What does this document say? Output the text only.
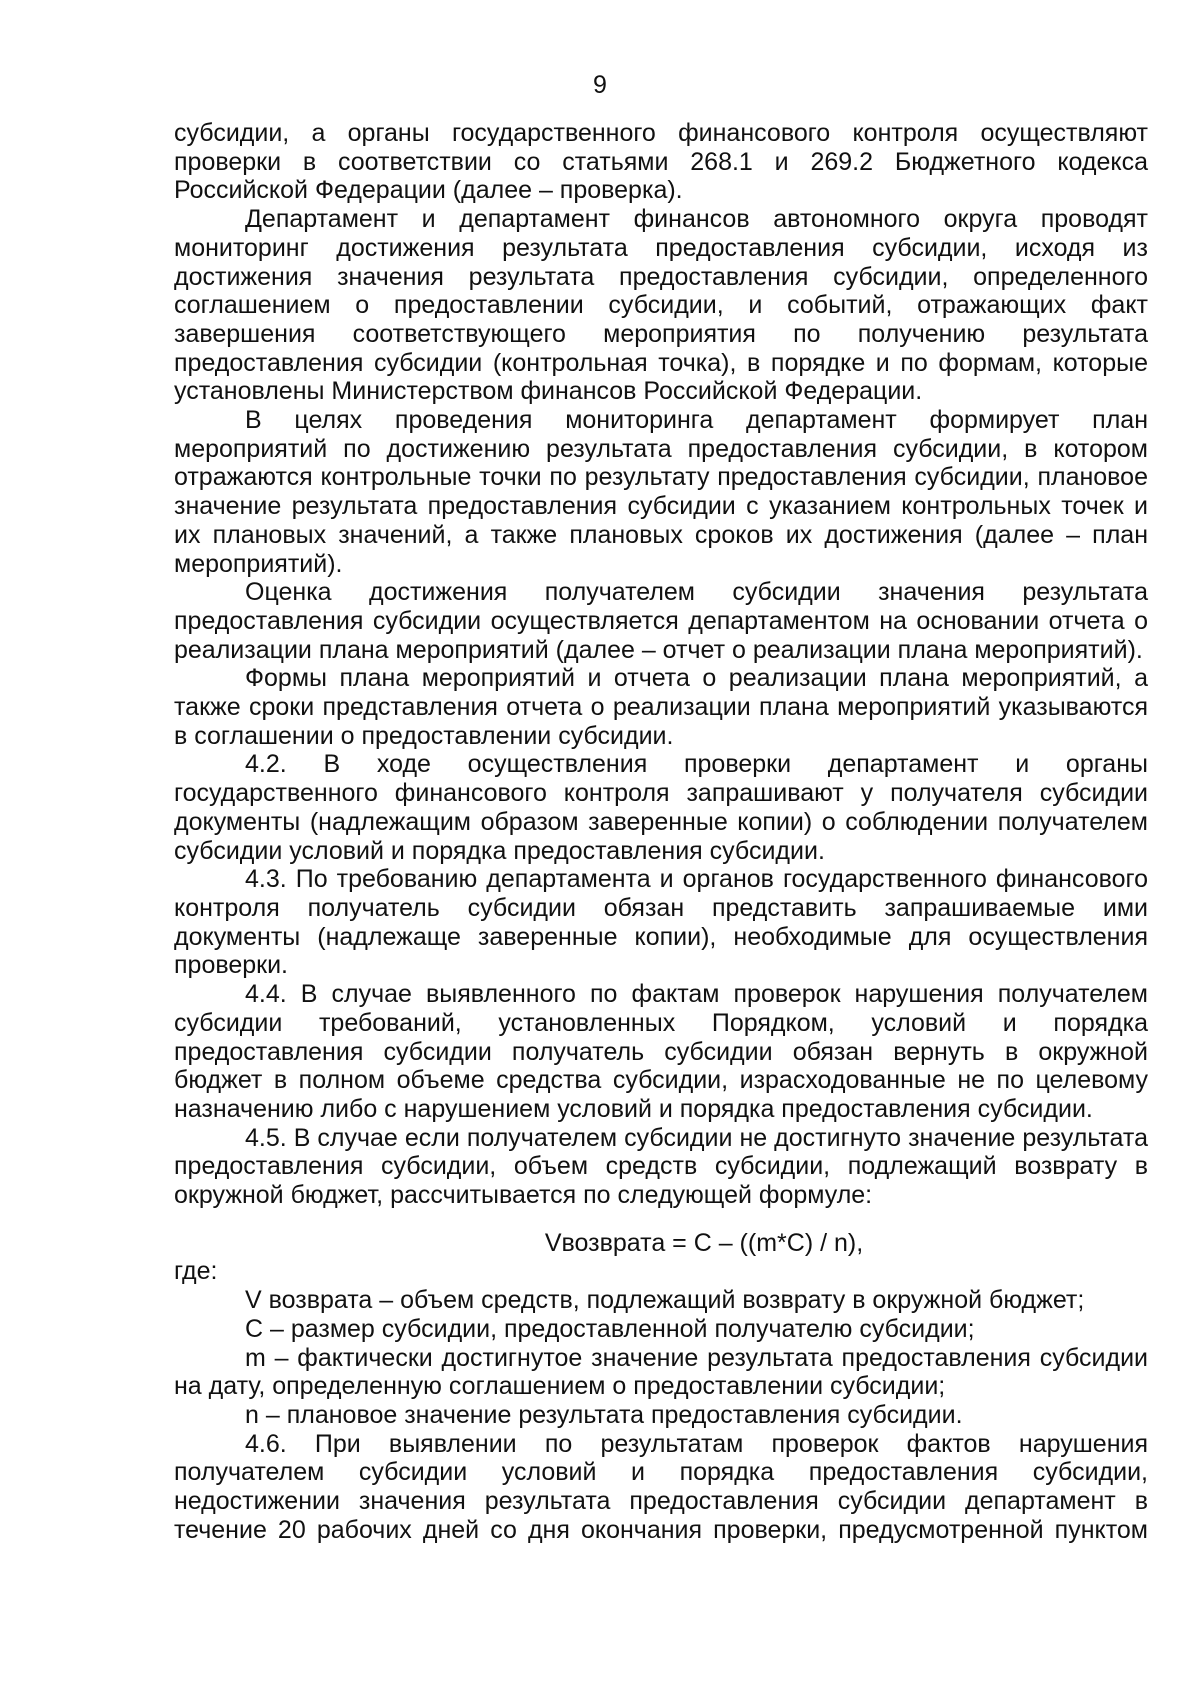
9

субсидии, а органы государственного финансового контроля осуществляют проверки в соответствии со статьями 268.1 и 269.2 Бюджетного кодекса Российской Федерации (далее – проверка).

Департамент и департамент финансов автономного округа проводят мониторинг достижения результата предоставления субсидии, исходя из достижения значения результата предоставления субсидии, определенного соглашением о предоставлении субсидии, и событий, отражающих факт завершения соответствующего мероприятия по получению результата предоставления субсидии (контрольная точка), в порядке и по формам, которые установлены Министерством финансов Российской Федерации.

В целях проведения мониторинга департамент формирует план мероприятий по достижению результата предоставления субсидии, в котором отражаются контрольные точки по результату предоставления субсидии, плановое значение результата предоставления субсидии с указанием контрольных точек и их плановых значений, а также плановых сроков их достижения (далее – план мероприятий).

Оценка достижения получателем субсидии значения результата предоставления субсидии осуществляется департаментом на основании отчета о реализации плана мероприятий (далее – отчет о реализации плана мероприятий).

Формы плана мероприятий и отчета о реализации плана мероприятий, а также сроки представления отчета о реализации плана мероприятий указываются в соглашении о предоставлении субсидии.

4.2. В ходе осуществления проверки департамент и органы государственного финансового контроля запрашивают у получателя субсидии документы (надлежащим образом заверенные копии) о соблюдении получателем субсидии условий и порядка предоставления субсидии.

4.3. По требованию департамента и органов государственного финансового контроля получатель субсидии обязан представить запрашиваемые ими документы (надлежаще заверенные копии), необходимые для осуществления проверки.

4.4. В случае выявленного по фактам проверок нарушения получателем субсидии требований, установленных Порядком, условий и порядка предоставления субсидии получатель субсидии обязан вернуть в окружной бюджет в полном объеме средства субсидии, израсходованные не по целевому назначению либо с нарушением условий и порядка предоставления субсидии.

4.5. В случае если получателем субсидии не достигнуто значение результата предоставления субсидии, объем средств субсидии, подлежащий возврату в окружной бюджет, рассчитывается по следующей формуле:

Vвозврата = C – ((m*C) / n),

где:

V возврата – объем средств, подлежащий возврату в окружной бюджет;

C – размер субсидии, предоставленной получателю субсидии;

m – фактически достигнутое значение результата предоставления субсидии на дату, определенную соглашением о предоставлении субсидии;

n – плановое значение результата предоставления субсидии.

4.6. При выявлении по результатам проверок фактов нарушения получателем субсидии условий и порядка предоставления субсидии, недостижении значения результата предоставления субсидии департамент в течение 20 рабочих дней со дня окончания проверки, предусмотренной пунктом
